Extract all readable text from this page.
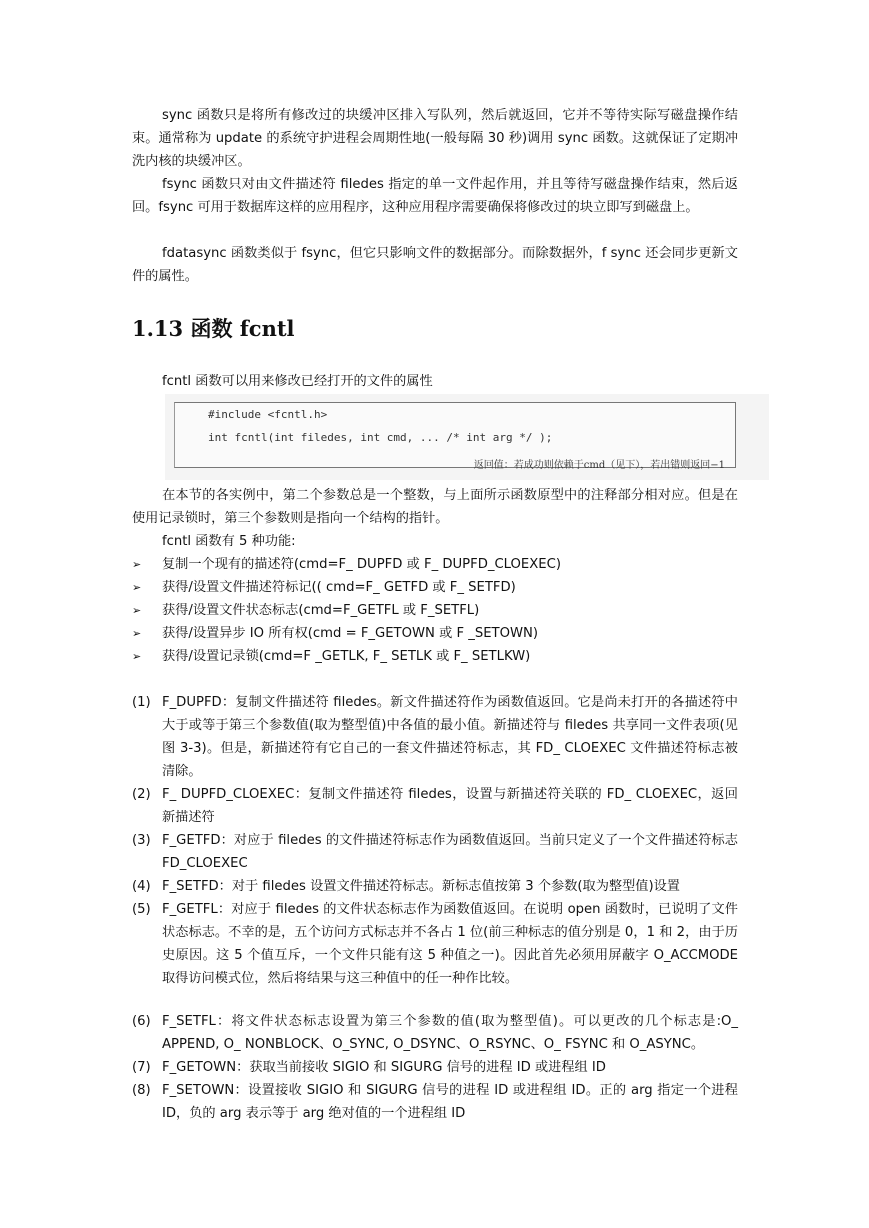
sync 函数只是将所有修改过的块缓冲区排入写队列，然后就返回，它并不等待实际写磁盘操作结束。通常称为 update 的系统守护进程会周期性地(一般每隔 30 秒)调用 sync 函数。这就保证了定期冲洗内核的块缓冲区。

fsync 函数只对由文件描述符 filedes 指定的单一文件起作用，并且等待写磁盘操作结束，然后返回。fsync 可用于数据库这样的应用程序，这种应用程序需要确保将修改过的块立即写到磁盘上。

fdatasync 函数类似于 fsync，但它只影响文件的数据部分。而除数据外，f sync 还会同步更新文件的属性。

1.13 函数 fcntl

fcntl 函数可以用来修改已经打开的文件的属性

#include <fcntl.h>
int fcntl(int filedes, int cmd, ... /* int arg */ );
返回值：若成功则依赖于cmd（见下），若出错则返回−1

在本节的各实例中，第二个参数总是一个整数，与上面所示函数原型中的注释部分相对应。但是在使用记录锁时，第三个参数则是指向一个结构的指针。

fcntl 函数有 5 种功能:

➢ 复制一个现有的描述符(cmd=F_ DUPFD 或 F_ DUPFD_CLOEXEC)
➢ 获得/设置文件描述符标记(( cmd=F_ GETFD 或 F_ SETFD)
➢ 获得/设置文件状态标志(cmd=F_GETFL 或 F_SETFL)
➢ 获得/设置异步 IO 所有权(cmd = F_GETOWN 或 F _SETOWN)
➢ 获得/设置记录锁(cmd=F _GETLK, F_ SETLK 或 F_ SETLKW)
(1) F_DUPFD：复制文件描述符 filedes。新文件描述符作为函数值返回。它是尚未打开的各描述符中大于或等于第三个参数值(取为整型值)中各值的最小值。新描述符与 filedes 共享同一文件表项(见图 3-3)。但是，新描述符有它自己的一套文件描述符标志，其 FD_ CLOEXEC 文件描述符标志被清除。
(2) F_ DUPFD_CLOEXEC：复制文件描述符 filedes，设置与新描述符关联的 FD_ CLOEXEC，返回新描述符
(3) F_GETFD：对应于 filedes 的文件描述符标志作为函数值返回。当前只定义了一个文件描述符标志 FD_CLOEXEC
(4) F_SETFD：对于 filedes 设置文件描述符标志。新标志值按第 3 个参数(取为整型值)设置
(5) F_GETFL：对应于 filedes 的文件状态标志作为函数值返回。在说明 open 函数时，已说明了文件状态标志。不幸的是，五个访问方式标志并不各占 1 位(前三种标志的值分别是 0，1 和 2，由于历史原因。这 5 个值互斥，一个文件只能有这 5 种值之一)。因此首先必须用屏蔽字 O_ACCMODE 取得访问模式位，然后将结果与这三种值中的任一种作比较。
(6) F_SETFL：将文件状态标志设置为第三个参数的值(取为整型值)。可以更改的几个标志是:O_ APPEND, O_ NONBLOCK、O_SYNC, O_DSYNC、O_RSYNC、O_ FSYNC 和 O_ASYNC。
(7) F_GETOWN：获取当前接收 SIGIO 和 SIGURG 信号的进程 ID 或进程组 ID
(8) F_SETOWN：设置接收 SIGIO 和 SIGURG 信号的进程 ID 或进程组 ID。正的 arg 指定一个进程 ID，负的 arg 表示等于 arg 绝对值的一个进程组 ID
